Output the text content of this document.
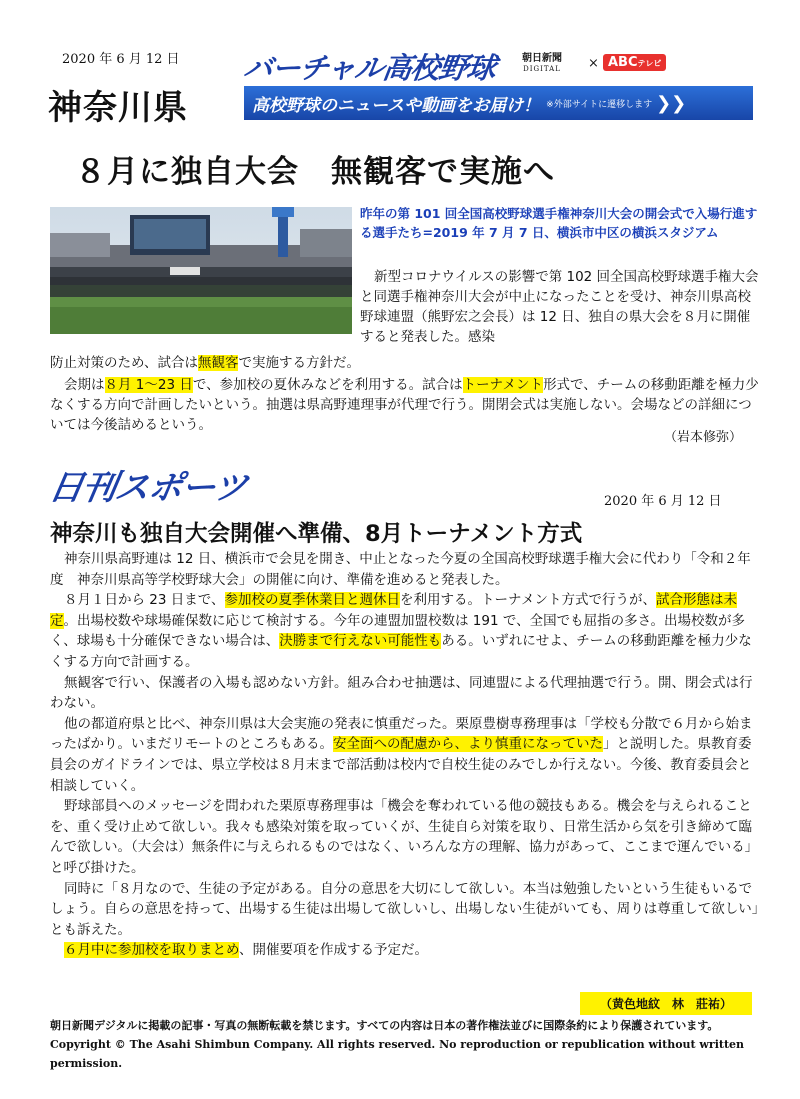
2020 年 6 月 12 日
神奈川県
バーチャル高校野球 朝日新聞
DIGITAL × ABCテレビ
高校野球のニュースや動画をお届け！ ※外部サイトに遷移します ❯❯
８月に独自大会　無観客で実施へ
昨年の第 101 回全国高校野球選手権神奈川大会の開会式で入場行進する選手たち=2019 年 7 月 7 日、横浜市中区の横浜スタジアム
新型コロナウイルスの影響で第 102 回全国高校野球選手権大会と同選手権神奈川大会が中止になったことを受け、神奈川県高校野球連盟（熊野宏之会長）は 12 日、独自の県大会を８月に開催すると発表した。感染
防止対策のため、試合は無観客で実施する方針だ。
会期は８月 1～23 日で、参加校の夏休みなどを利用する。試合はトーナメント形式で、チームの移動距離を極力少なくする方向で計画したいという。抽選は県高野連理事が代理で行う。開閉会式は実施しない。会場などの詳細については今後詰めるという。
（岩本修弥）
日刊スポーツ	2020 年 6 月 12 日
神奈川も独自大会開催へ準備、8月トーナメント方式

神奈川県高野連は 12 日、横浜市で会見を開き、中止となった今夏の全国高校野球選手権大会に代わり「令和２年度　神奈川県高等学校野球大会」の開催に向け、準備を進めると発表した。

８月１日から 23 日まで、参加校の夏季休業日と週休日を利用する。トーナメント方式で行うが、試合形態は未定。出場校数や球場確保数に応じて検討する。今年の連盟加盟校数は 191 で、全国でも屈指の多さ。出場校数が多く、球場も十分確保できない場合は、決勝まで行えない可能性もある。いずれにせよ、チームの移動距離を極力少なくする方向で計画する。

無観客で行い、保護者の入場も認めない方針。組み合わせ抽選は、同連盟による代理抽選で行う。開、閉会式は行わない。

他の都道府県と比べ、神奈川県は大会実施の発表に慎重だった。栗原豊樹専務理事は「学校も分散で６月から始まったばかり。いまだリモートのところもある。安全面への配慮から、より慎重になっていた」と説明した。県教育委員会のガイドラインでは、県立学校は８月末まで部活動は校内で自校生徒のみでしか行えない。今後、教育委員会と相談していく。

野球部員へのメッセージを問われた栗原専務理事は「機会を奪われている他の競技もある。機会を与えられることを、重く受け止めて欲しい。我々も感染対策を取っていくが、生徒自ら対策を取り、日常生活から気を引き締めて臨んで欲しい。（大会は）無条件に与えられるものではなく、いろんな方の理解、協力があって、ここまで運んでいる」と呼び掛けた。

同時に「８月なので、生徒の予定がある。自分の意思を大切にして欲しい。本当は勉強したいという生徒もいるでしょう。自らの意思を持って、出場する生徒は出場して欲しいし、出場しない生徒がいても、周りは尊重して欲しい」とも訴えた。

６月中に参加校を取りまとめ、開催要項を作成する予定だ。

（黄色地紋　林　莊祐）
朝日新聞デジタルに掲載の記事・写真の無断転載を禁じます。すべての内容は日本の著作権法並びに国際条約により保護されています。Copyright © The Asahi Shimbun Company. All rights reserved. No reproduction or republication without written permission.
